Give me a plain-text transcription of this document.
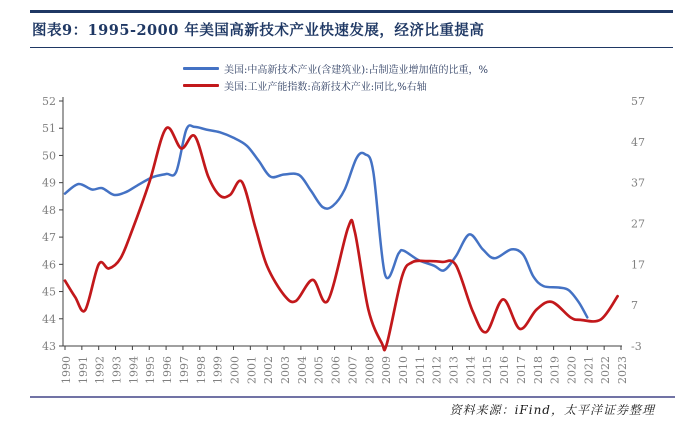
图表9：1995-2000 年美国高新技术产业快速发展，经济比重提高
43
44
45
46
47
48
49
50
51
52
-3
7
17
27
37
47
57
1990 1991 1992 1993 1994 1995 1996 1997 1998 1999 2000 2001 2002 2003 2004 2005 2006 2007 2008 2009 2010 2011 2012 2013 2014 2015 2016 2017 2018 2019 2020 2021 2022 2023
美国:中高新技术产业(含建筑业):占制造业增加值的比重，%
美国:工业产能指数:高新技术产业:同比,%右轴
资料来源：iFind，太平洋证券整理
